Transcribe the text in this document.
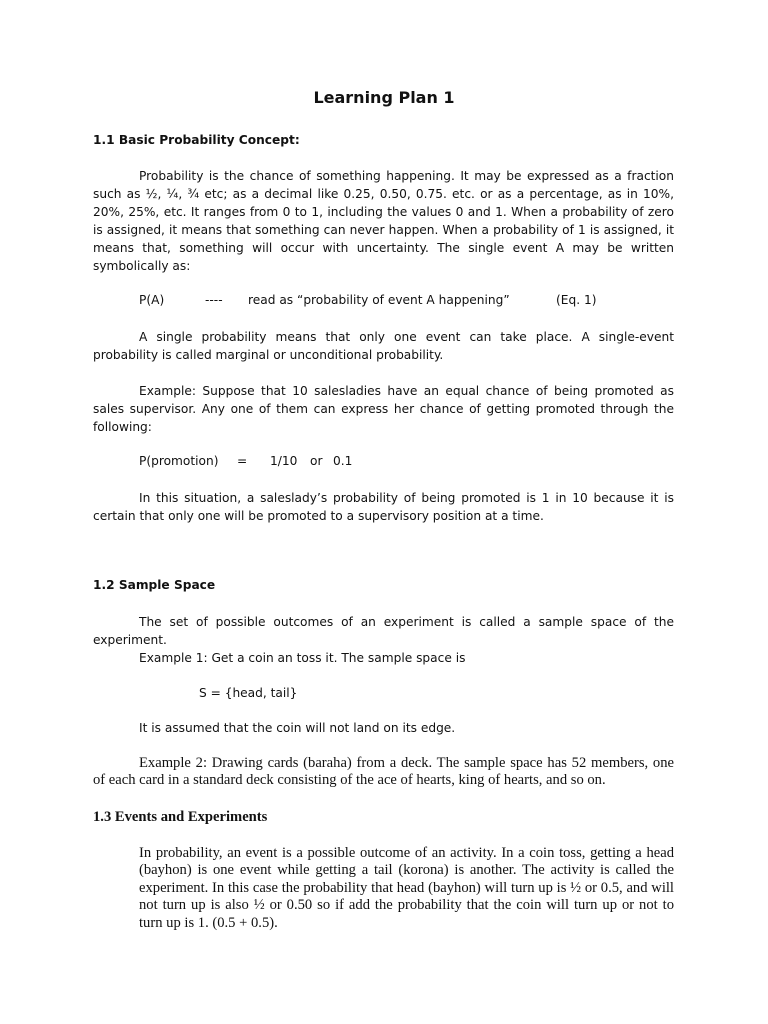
Learning Plan 1

1.1 Basic Probability Concept:

Probability is the chance of something happening. It may be expressed as a fraction such as ½, ¼, ¾ etc; as a decimal like 0.25, 0.50, 0.75. etc. or as a percentage, as in 10%, 20%, 25%, etc. It ranges from 0 to 1, including the values 0 and 1. When a probability of zero is assigned, it means that something can never happen. When a probability of 1 is assigned, it means that, something will occur with uncertainty. The single event A may be written symbolically as:

P(A)	---- read as “probability of event A happening”	(Eq. 1)

A single probability means that only one event can take place. A single-event probability is called marginal or unconditional probability.

Example: Suppose that 10 salesladies have an equal chance of being promoted as sales supervisor. Any one of them can express her chance of getting promoted through the following:

P(promotion) = 1/10 or 0.1

In this situation, a saleslady’s probability of being promoted is 1 in 10 because it is certain that only one will be promoted to a supervisory position at a time.

1.2 Sample Space

The set of possible outcomes of an experiment is called a sample space of the experiment.

Example 1: Get a coin an toss it. The sample space is
S = {head, tail}
It is assumed that the coin will not land on its edge.

Example 2: Drawing cards (baraha) from a deck. The sample space has 52 members, one of each card in a standard deck consisting of the ace of hearts, king of hearts, and so on.

1.3 Events and Experiments

In probability, an event is a possible outcome of an activity. In a coin toss, getting a head (bayhon) is one event while getting a tail (korona) is another. The activity is called the experiment. In this case the probability that head (bayhon) will turn up is ½ or 0.5, and will not turn up is also ½ or 0.50 so if add the probability that the coin will turn up or not to turn up is 1. (0.5 + 0.5).
